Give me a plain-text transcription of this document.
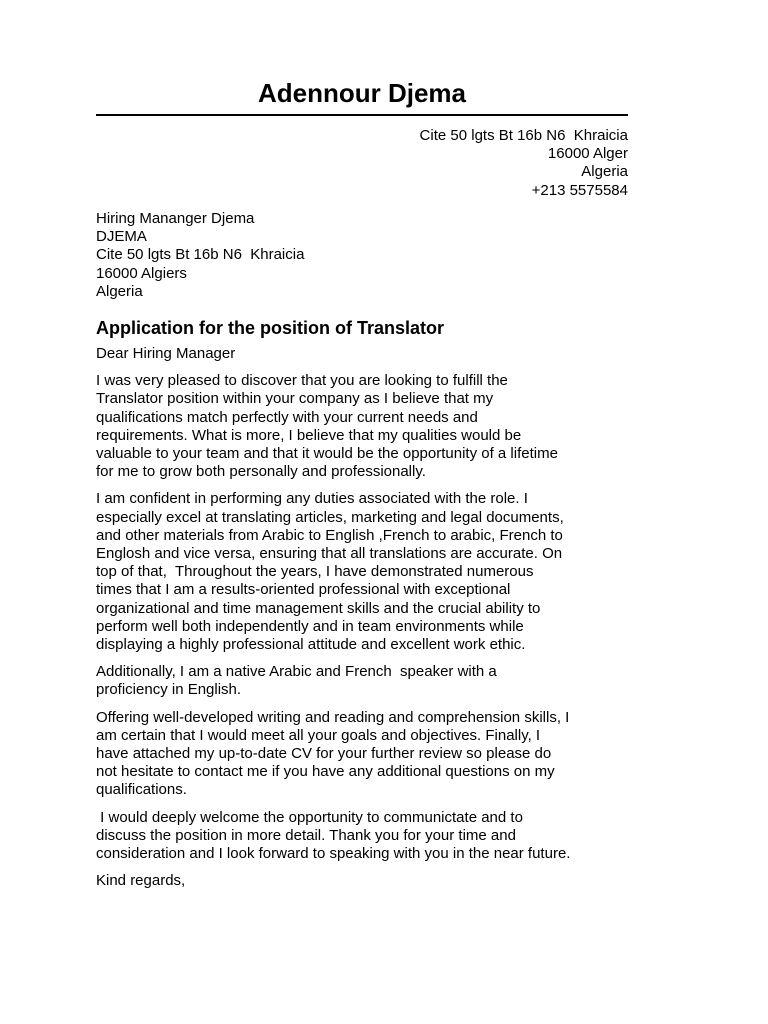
Adennour Djema
Cite 50 lgts Bt 16b N6  Khraicia
16000 Alger
Algeria
+213 5575584
Hiring Mananger Djema
DJEMA
Cite 50 lgts Bt 16b N6  Khraicia
16000 Algiers
Algeria
Application for the position of Translator

Dear Hiring Manager

I was very pleased to discover that you are looking to fulfill the
Translator position within your company as I believe that my
qualifications match perfectly with your current needs and
requirements. What is more, I believe that my qualities would be
valuable to your team and that it would be the opportunity of a lifetime
for me to grow both personally and professionally.

I am confident in performing any duties associated with the role. I
especially excel at translating articles, marketing and legal documents,
and other materials from Arabic to English ,French to arabic, French to
Englosh and vice versa, ensuring that all translations are accurate. On
top of that,  Throughout the years, I have demonstrated numerous
times that I am a results-oriented professional with exceptional
organizational and time management skills and the crucial ability to
perform well both independently and in team environments while
displaying a highly professional attitude and excellent work ethic.

Additionally, I am a native Arabic and French  speaker with a
proficiency in English.

Offering well-developed writing and reading and comprehension skills, I
am certain that I would meet all your goals and objectives. Finally, I
have attached my up-to-date CV for your further review so please do
not hesitate to contact me if you have any additional questions on my
qualifications.

I would deeply welcome the opportunity to communictate and to
discuss the position in more detail. Thank you for your time and
consideration and I look forward to speaking with you in the near future.

Kind regards,
